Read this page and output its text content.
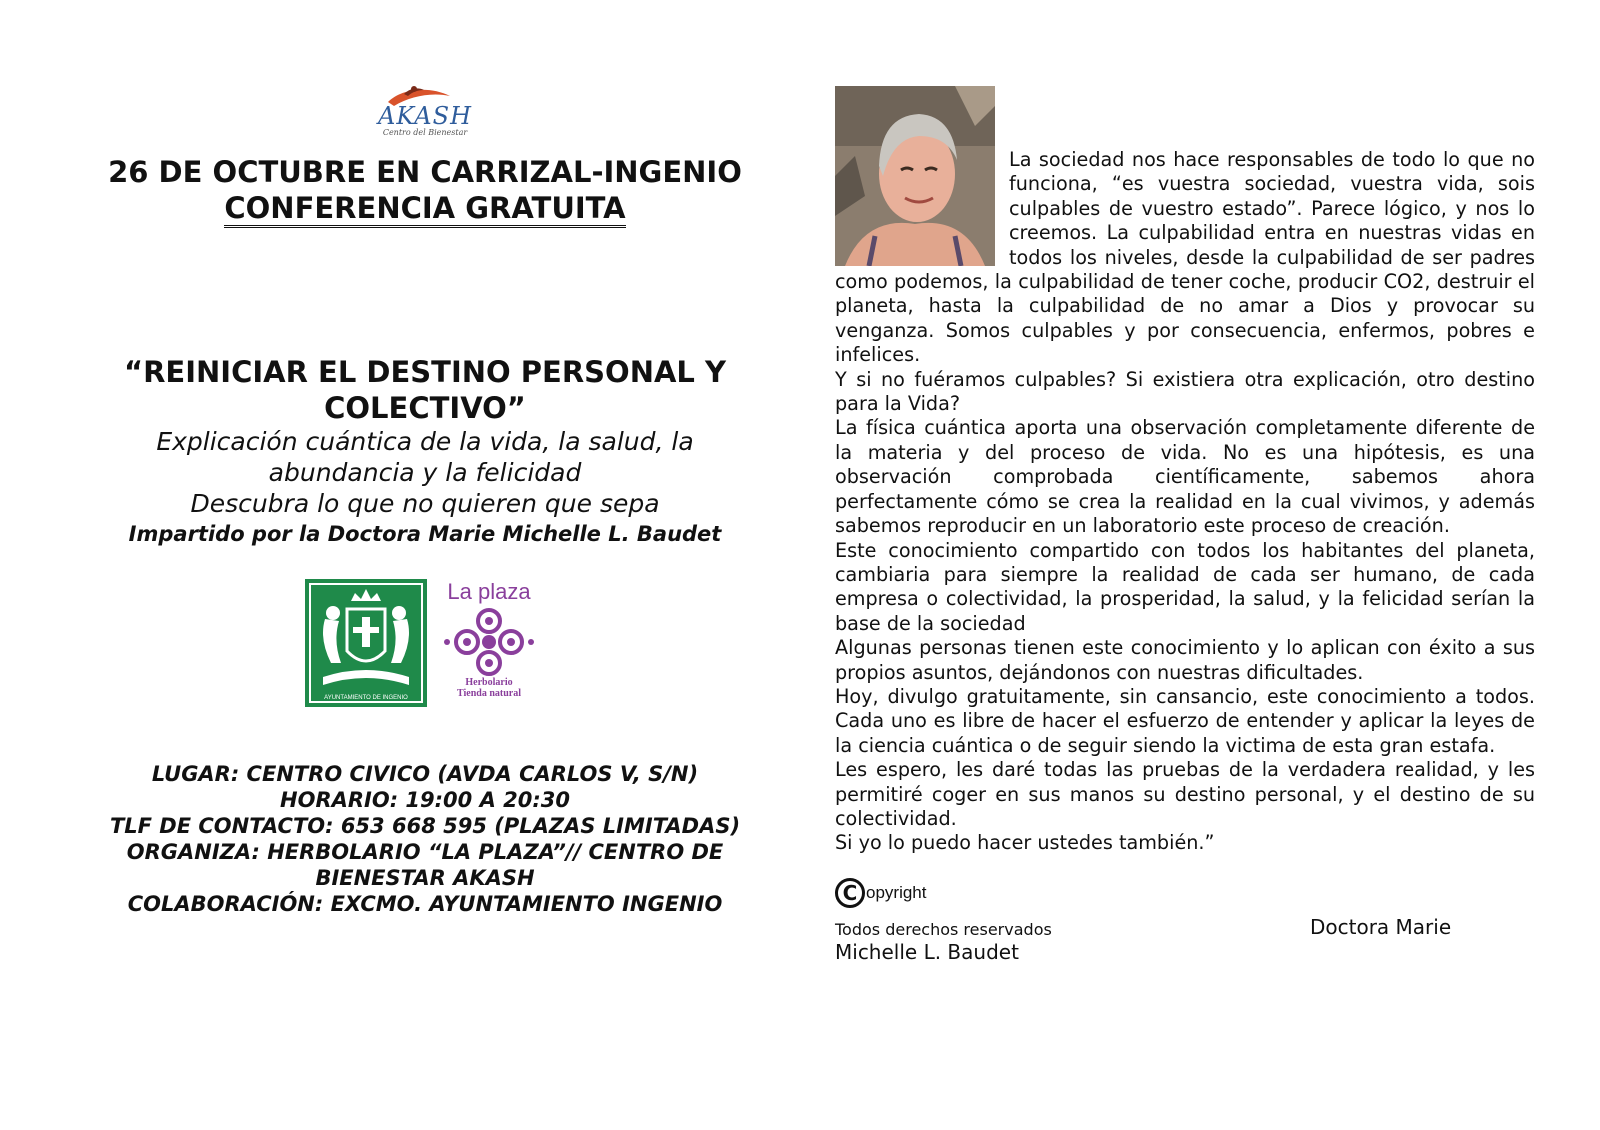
AKASH
Centro del Bienestar
26 DE OCTUBRE EN CARRIZAL-INGENIO
CONFERENCIA GRATUITA
“REINICIAR EL DESTINO PERSONAL Y
COLECTIVO”
Explicación cuántica de la vida, la salud, la
abundancia y la felicidad
Descubra lo que no quieren que sepa
Impartido por la Doctora Marie Michelle L. Baudet
AYUNTAMIENTO DE INGENIO
La plaza
Herbolario
Tienda natural
LUGAR: CENTRO CIVICO (AVDA CARLOS V, S/N)
HORARIO: 19:00 A 20:30
TLF DE CONTACTO: 653 668 595 (PLAZAS LIMITADAS)
ORGANIZA: HERBOLARIO “LA PLAZA”// CENTRO DE
BIENESTAR AKASH
COLABORACIÓN: EXCMO. AYUNTAMIENTO INGENIO

La sociedad nos hace responsables de todo lo que no funciona, “es vuestra sociedad, vuestra vida, sois culpables de vuestro estado”. Parece lógico, y nos lo creemos. La culpabilidad entra en nuestras vidas en todos los niveles, desde la culpabilidad de ser padres como podemos, la culpabilidad de tener coche, producir CO2, destruir el planeta, hasta la culpabilidad de no amar a Dios y provocar su venganza. Somos culpables y por consecuencia, enfermos, pobres e infelices.

Y si no fuéramos culpables? Si existiera otra explicación, otro destino para la Vida?

La física cuántica aporta una observación completamente diferente de la materia y del proceso de vida. No es una hipótesis, es una observación comprobada científicamente, sabemos ahora perfectamente cómo se crea la realidad en la cual vivimos, y además sabemos reproducir en un laboratorio este proceso de creación.

Este conocimiento compartido con todos los habitantes del planeta, cambiaria para siempre la realidad de cada ser humano, de cada empresa o colectividad, la prosperidad, la salud, y la felicidad serían la base de la sociedad

Algunas personas tienen este conocimiento y lo aplican con éxito a sus propios asuntos, dejándonos con nuestras dificultades.

Hoy, divulgo gratuitamente, sin cansancio, este conocimiento a todos. Cada uno es libre de hacer el esfuerzo de entender y aplicar la leyes de la ciencia cuántica o de seguir siendo la victima de esta gran estafa.

Les espero, les daré todas las pruebas de la verdadera realidad, y les permitiré coger en sus manos su destino personal, y el destino de su colectividad.

Si yo lo puedo hacer ustedes también.”

C opyright
Todos derechos reservados	Doctora Marie
Michelle L. Baudet
